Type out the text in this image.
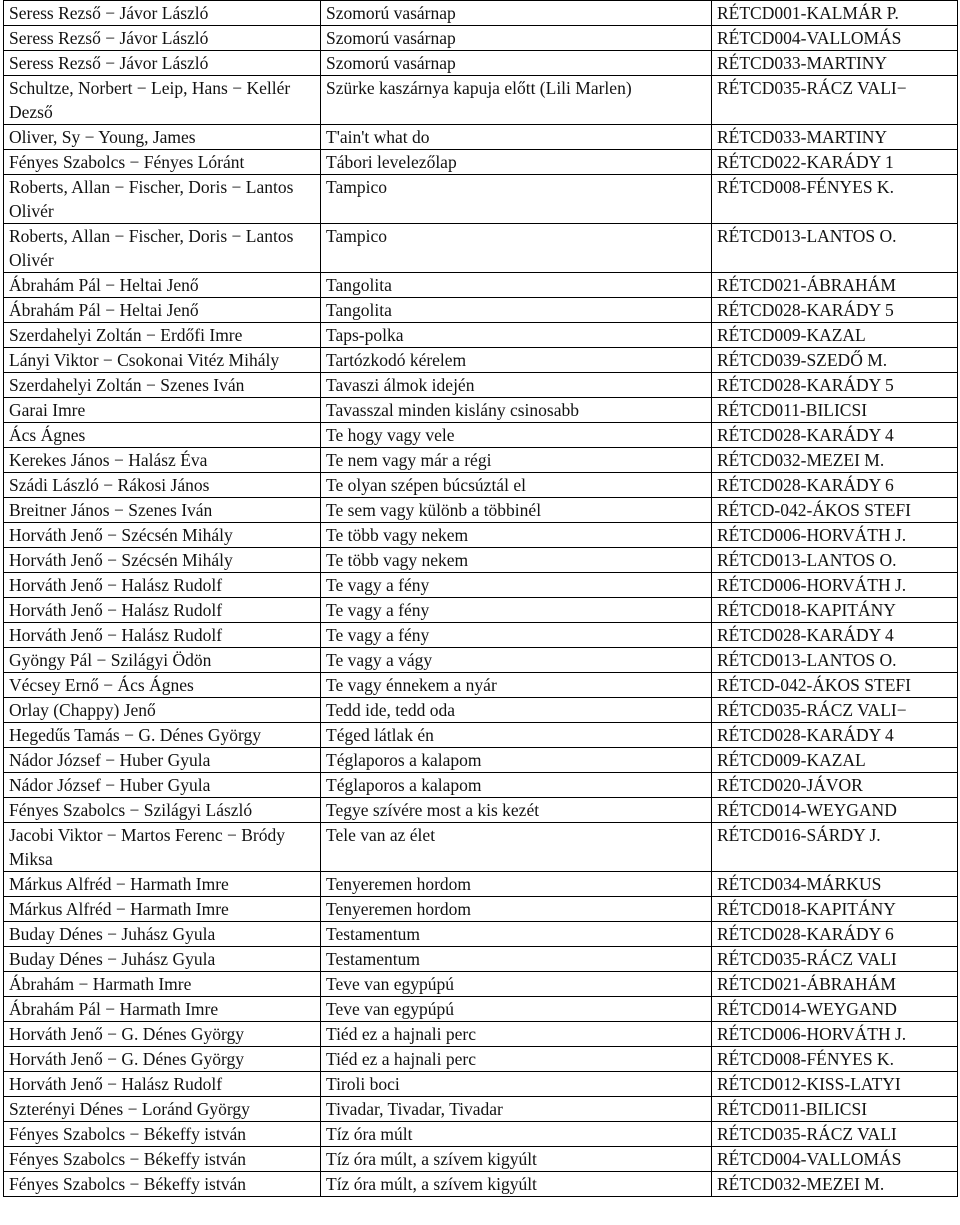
Seress Rezső − Jávor László	Szomorú vasárnap	RÉTCD001-KALMÁR P.
Seress Rezső − Jávor László	Szomorú vasárnap	RÉTCD004-VALLOMÁS
Seress Rezső − Jávor László	Szomorú vasárnap	RÉTCD033-MARTINY
Schultze, Norbert − Leip, Hans − Kellér Dezső	Szürke kaszárnya kapuja előtt (Lili Marlen)	RÉTCD035-RÁCZ VALI−
Oliver, Sy − Young, James	T'ain't what do	RÉTCD033-MARTINY
Fényes Szabolcs − Fényes Lóránt	Tábori levelezőlap	RÉTCD022-KARÁDY 1
Roberts, Allan − Fischer, Doris − Lantos Olivér	Tampico	RÉTCD008-FÉNYES K.
Roberts, Allan − Fischer, Doris − Lantos Olivér	Tampico	RÉTCD013-LANTOS O.
Ábrahám Pál − Heltai Jenő	Tangolita	RÉTCD021-ÁBRAHÁM
Ábrahám Pál − Heltai Jenő	Tangolita	RÉTCD028-KARÁDY 5
Szerdahelyi Zoltán − Erdőfi Imre	Taps-polka	RÉTCD009-KAZAL
Lányi Viktor − Csokonai Vitéz Mihály	Tartózkodó kérelem	RÉTCD039-SZEDŐ M.
Szerdahelyi Zoltán − Szenes Iván	Tavaszi álmok idején	RÉTCD028-KARÁDY 5
Garai Imre	Tavasszal minden kislány csinosabb	RÉTCD011-BILICSI
Ács Ágnes	Te hogy vagy vele	RÉTCD028-KARÁDY 4
Kerekes János − Halász Éva	Te nem vagy már a régi	RÉTCD032-MEZEI M.
Szádi László − Rákosi János	Te olyan szépen búcsúztál el	RÉTCD028-KARÁDY 6
Breitner János − Szenes Iván	Te sem vagy különb a többinél	RÉTCD-042-ÁKOS STEFI
Horváth Jenő − Szécsén Mihály	Te több vagy nekem	RÉTCD006-HORVÁTH J.
Horváth Jenő − Szécsén Mihály	Te több vagy nekem	RÉTCD013-LANTOS O.
Horváth Jenő − Halász Rudolf	Te vagy a fény	RÉTCD006-HORVÁTH J.
Horváth Jenő − Halász Rudolf	Te vagy a fény	RÉTCD018-KAPITÁNY
Horváth Jenő − Halász Rudolf	Te vagy a fény	RÉTCD028-KARÁDY 4
Gyöngy Pál − Szilágyi Ödön	Te vagy a vágy	RÉTCD013-LANTOS O.
Vécsey Ernő − Ács Ágnes	Te vagy énnekem a nyár	RÉTCD-042-ÁKOS STEFI
Orlay (Chappy) Jenő	Tedd ide, tedd oda	RÉTCD035-RÁCZ VALI−
Hegedűs Tamás − G. Dénes György	Téged látlak én	RÉTCD028-KARÁDY 4
Nádor József − Huber Gyula	Téglaporos a kalapom	RÉTCD009-KAZAL
Nádor József − Huber Gyula	Téglaporos a kalapom	RÉTCD020-JÁVOR
Fényes Szabolcs − Szilágyi László	Tegye szívére most a kis kezét	RÉTCD014-WEYGAND
Jacobi Viktor − Martos Ferenc − Bródy Miksa	Tele van az élet	RÉTCD016-SÁRDY J.
Márkus Alfréd − Harmath Imre	Tenyeremen hordom	RÉTCD034-MÁRKUS
Márkus Alfréd − Harmath Imre	Tenyeremen hordom	RÉTCD018-KAPITÁNY
Buday Dénes − Juhász Gyula	Testamentum	RÉTCD028-KARÁDY 6
Buday Dénes − Juhász Gyula	Testamentum	RÉTCD035-RÁCZ VALI
Ábrahám − Harmath Imre	Teve van egypúpú	RÉTCD021-ÁBRAHÁM
Ábrahám Pál − Harmath Imre	Teve van egypúpú	RÉTCD014-WEYGAND
Horváth Jenő − G. Dénes György	Tiéd ez a hajnali perc	RÉTCD006-HORVÁTH J.
Horváth Jenő − G. Dénes György	Tiéd ez a hajnali perc	RÉTCD008-FÉNYES K.
Horváth Jenő − Halász Rudolf	Tiroli boci	RÉTCD012-KISS-LATYI
Szterényi Dénes − Loránd György	Tivadar, Tivadar, Tivadar	RÉTCD011-BILICSI
Fényes Szabolcs − Békeffy istván	Tíz óra múlt	RÉTCD035-RÁCZ VALI
Fényes Szabolcs − Békeffy istván	Tíz óra múlt, a szívem kigyúlt	RÉTCD004-VALLOMÁS
Fényes Szabolcs − Békeffy istván	Tíz óra múlt, a szívem kigyúlt	RÉTCD032-MEZEI M.
